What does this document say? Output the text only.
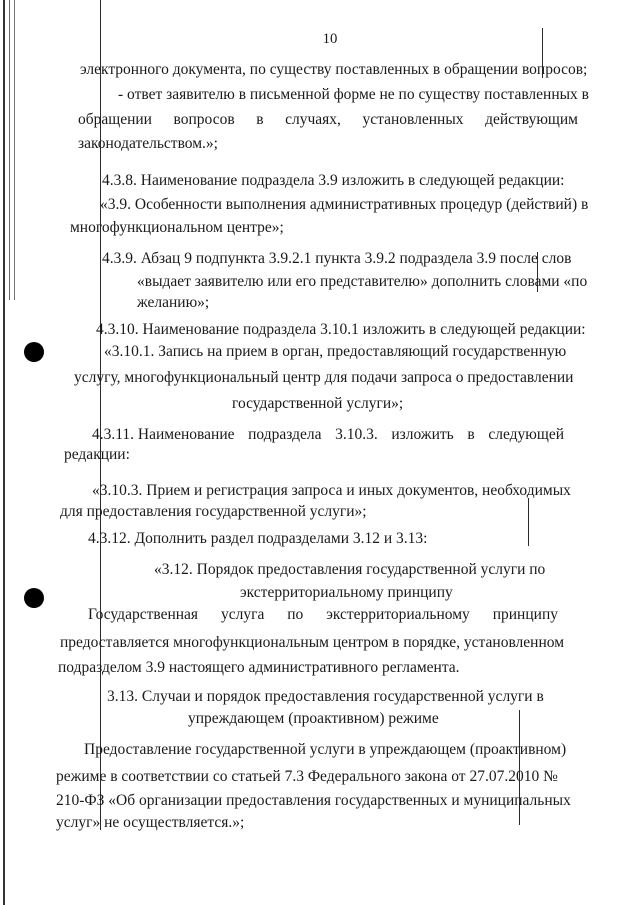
10
электронного документа, по существу поставленных в обращении вопросов;
- ответ заявителю в письменной форме не по существу поставленных в
обращении вопросов в случаях, установленных действующим
законодательством.»;
4.3.8. Наименование подраздела 3.9 изложить в следующей редакции:
«3.9. Особенности выполнения административных процедур (действий) в
многофункциональном центре»;
4.3.9. Абзац 9 подпункта 3.9.2.1 пункта 3.9.2 подраздела 3.9 после слов
«выдает заявителю или его представителю» дополнить словами «по
желанию»;
4.3.10. Наименование подраздела 3.10.1 изложить в следующей редакции:
«3.10.1. Запись на прием в орган, предоставляющий государственную
услугу, многофункциональный центр для подачи запроса о предоставлении
государственной услуги»;
4.3.11. Наименование подраздела 3.10.3. изложить в следующей
редакции:
«3.10.3. Прием и регистрация запроса и иных документов, необходимых
для предоставления государственной услуги»;
4.3.12. Дополнить раздел подразделами 3.12 и 3.13:
«3.12. Порядок предоставления государственной услуги по
экстерриториальному принципу
Государственная услуга по экстерриториальному принципу
предоставляется многофункциональным центром в порядке, установленном
подразделом 3.9 настоящего административного регламента.
3.13. Случаи и порядок предоставления государственной услуги в
упреждающем (проактивном) режиме
Предоставление государственной услуги в упреждающем (проактивном)
режиме в соответствии со статьей 7.3 Федерального закона от 27.07.2010 №
210-ФЗ «Об организации предоставления государственных и муниципальных
услуг» не осуществляется.»;
